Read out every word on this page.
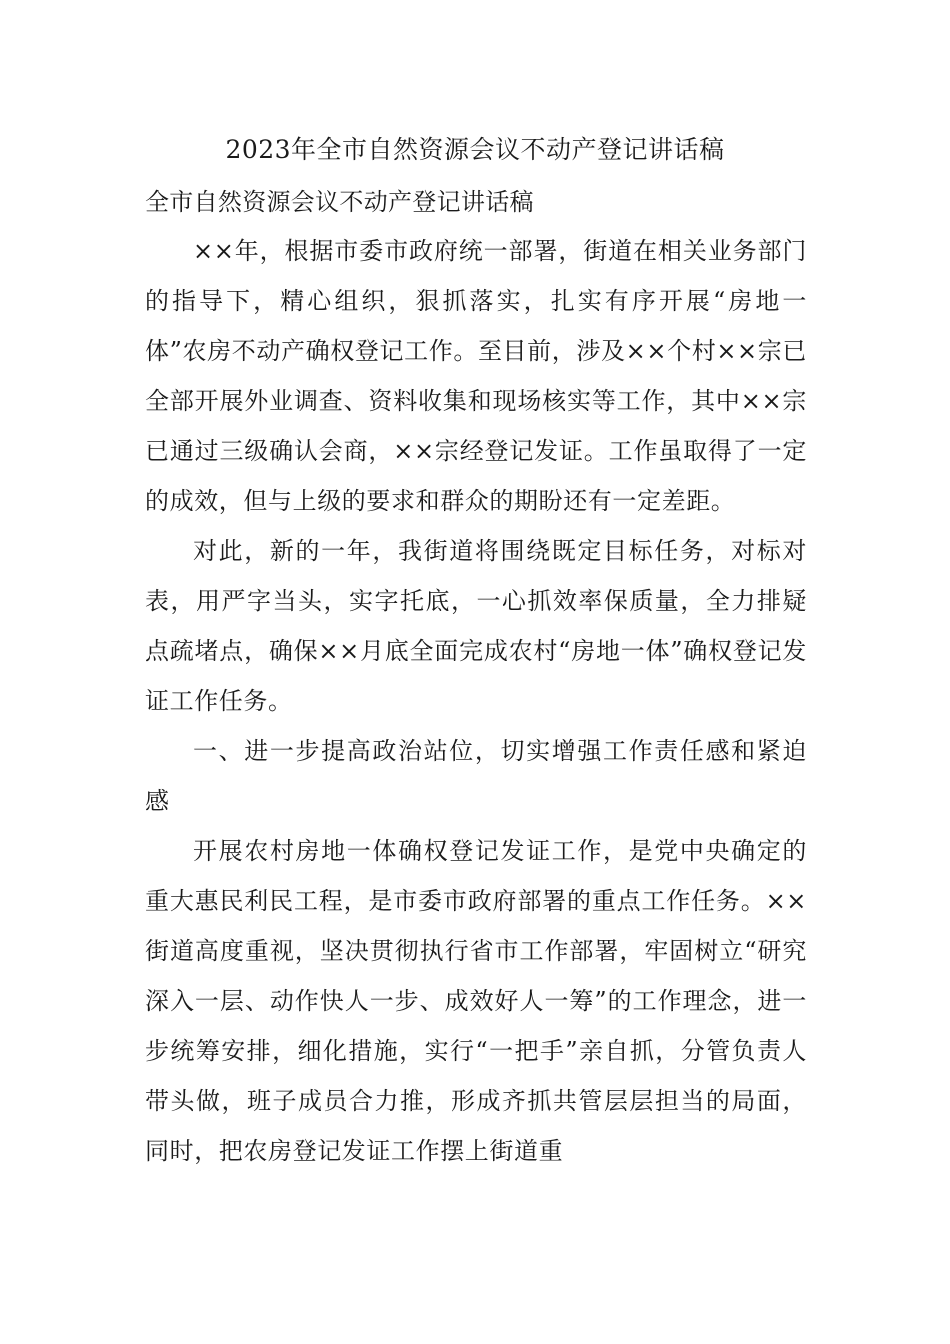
2023年全市自然资源会议不动产登记讲话稿

全市自然资源会议不动产登记讲话稿

××年，根据市委市政府统一部署，街道在相关业务部门的指导下，精心组织，狠抓落实，扎实有序开展“房地一体”农房不动产确权登记工作。至目前，涉及××个村××宗已全部开展外业调查、资料收集和现场核实等工作，其中××宗已通过三级确认会商，××宗经登记发证。工作虽取得了一定的成效，但与上级的要求和群众的期盼还有一定差距。

对此，新的一年，我街道将围绕既定目标任务，对标对表，用严字当头，实字托底，一心抓效率保质量，全力排疑点疏堵点，确保××月底全面完成农村“房地一体”确权登记发证工作任务。

一、进一步提高政治站位，切实增强工作责任感和紧迫感

开展农村房地一体确权登记发证工作，是党中央确定的重大惠民利民工程，是市委市政府部署的重点工作任务。××街道高度重视，坚决贯彻执行省市工作部署，牢固树立“研究深入一层、动作快人一步、成效好人一筹”的工作理念，进一步统筹安排，细化措施，实行“一把手”亲自抓，分管负责人带头做，班子成员合力推，形成齐抓共管层层担当的局面，同时，把农房登记发证工作摆上街道重
